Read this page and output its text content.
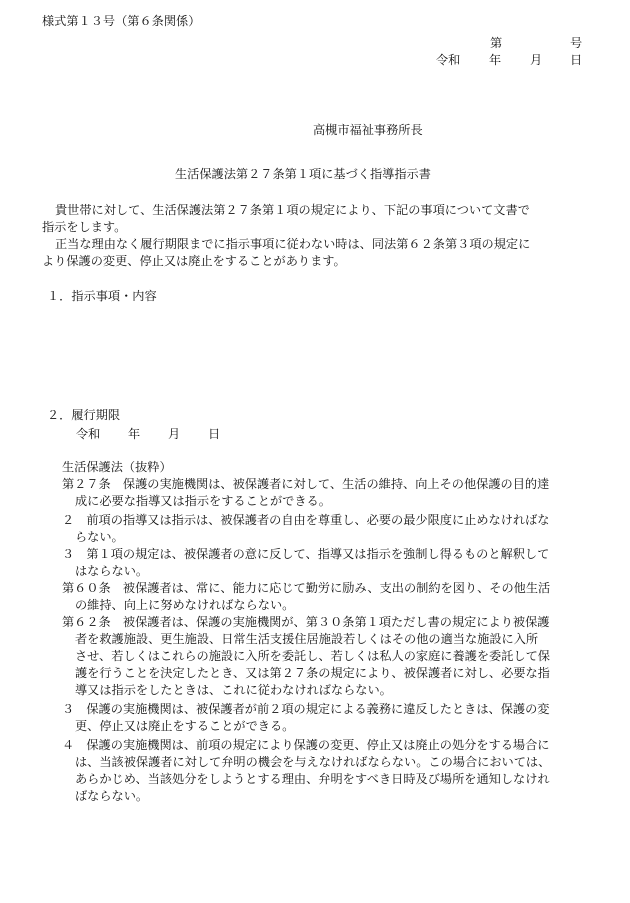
様式第１３号（第６条関係）
第	号
令和 年 月 日
高槻市福祉事務所長
生活保護法第２７条第１項に基づく指導指示書
貴世帯に対して、生活保護法第２７条第１項の規定により、下記の事項について文書で
指示をします。
正当な理由なく履行期限までに指示事項に従わない時は、同法第６２条第３項の規定に
より保護の変更、停止又は廃止をすることがあります。
１．指示事項・内容
２．履行期限
令和 年 月 日
生活保護法（抜粋）
第２７条　保護の実施機関は、被保護者に対して、生活の維持、向上その他保護の目的達
成に必要な指導又は指示をすることができる。
２　前項の指導又は指示は、被保護者の自由を尊重し、必要の最少限度に止めなければな
らない。
３　第１項の規定は、被保護者の意に反して、指導又は指示を強制し得るものと解釈して
はならない。
第６０条　被保護者は、常に、能力に応じて勤労に励み、支出の制約を図り、その他生活
の維持、向上に努めなければならない。
第６２条　被保護者は、保護の実施機関が、第３０条第１項ただし書の規定により被保護
者を救護施設、更生施設、日常生活支援住居施設若しくはその他の適当な施設に入所
させ、若しくはこれらの施設に入所を委託し、若しくは私人の家庭に養護を委託して保
護を行うことを決定したとき、又は第２７条の規定により、被保護者に対し、必要な指
導又は指示をしたときは、これに従わなければならない。
３　保護の実施機関は、被保護者が前２項の規定による義務に違反したときは、保護の変
更、停止又は廃止をすることができる。
４　保護の実施機関は、前項の規定により保護の変更、停止又は廃止の処分をする場合に
は、当該被保護者に対して弁明の機会を与えなければならない。この場合においては、
あらかじめ、当該処分をしようとする理由、弁明をすべき日時及び場所を通知しなけれ
ばならない。
